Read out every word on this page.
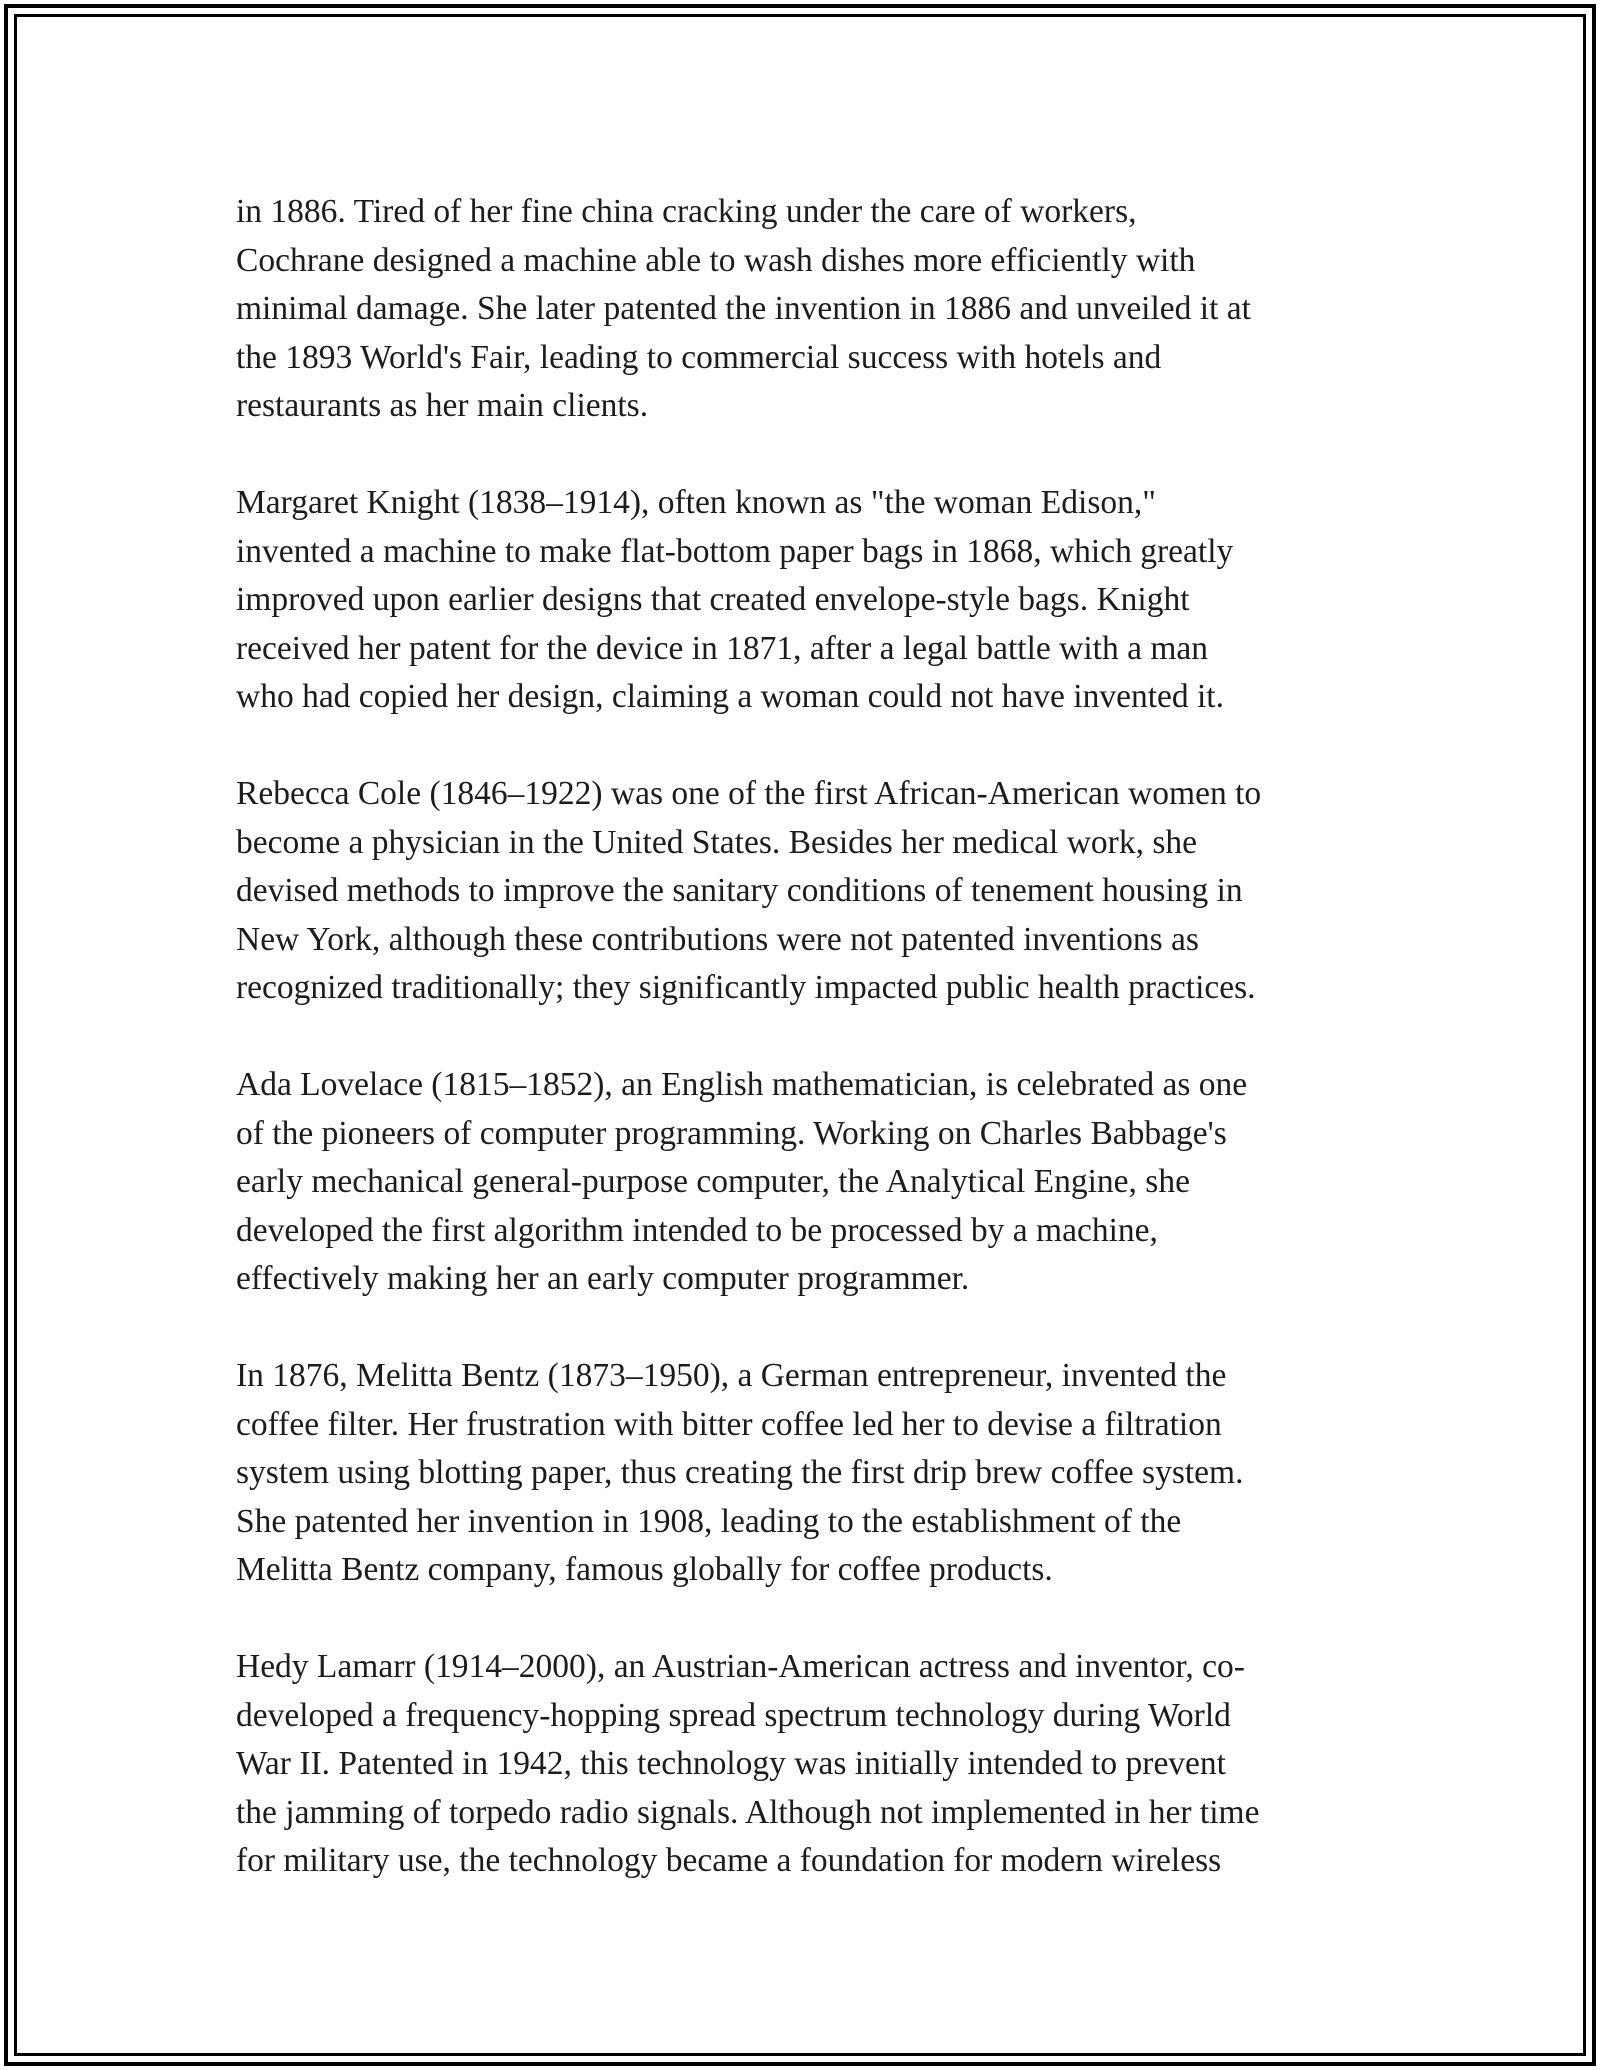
in 1886. Tired of her fine china cracking under the care of workers,
Cochrane designed a machine able to wash dishes more efficiently with
minimal damage. She later patented the invention in 1886 and unveiled it at
the 1893 World's Fair, leading to commercial success with hotels and
restaurants as her main clients.

Margaret Knight (1838–1914), often known as "the woman Edison,"
invented a machine to make flat-bottom paper bags in 1868, which greatly
improved upon earlier designs that created envelope-style bags. Knight
received her patent for the device in 1871, after a legal battle with a man
who had copied her design, claiming a woman could not have invented it.

Rebecca Cole (1846–1922) was one of the first African-American women to
become a physician in the United States. Besides her medical work, she
devised methods to improve the sanitary conditions of tenement housing in
New York, although these contributions were not patented inventions as
recognized traditionally; they significantly impacted public health practices.

Ada Lovelace (1815–1852), an English mathematician, is celebrated as one
of the pioneers of computer programming. Working on Charles Babbage's
early mechanical general-purpose computer, the Analytical Engine, she
developed the first algorithm intended to be processed by a machine,
effectively making her an early computer programmer.

In 1876, Melitta Bentz (1873–1950), a German entrepreneur, invented the
coffee filter. Her frustration with bitter coffee led her to devise a filtration
system using blotting paper, thus creating the first drip brew coffee system.
She patented her invention in 1908, leading to the establishment of the
Melitta Bentz company, famous globally for coffee products.

Hedy Lamarr (1914–2000), an Austrian-American actress and inventor, co-
developed a frequency-hopping spread spectrum technology during World
War II. Patented in 1942, this technology was initially intended to prevent
the jamming of torpedo radio signals. Although not implemented in her time
for military use, the technology became a foundation for modern wireless
